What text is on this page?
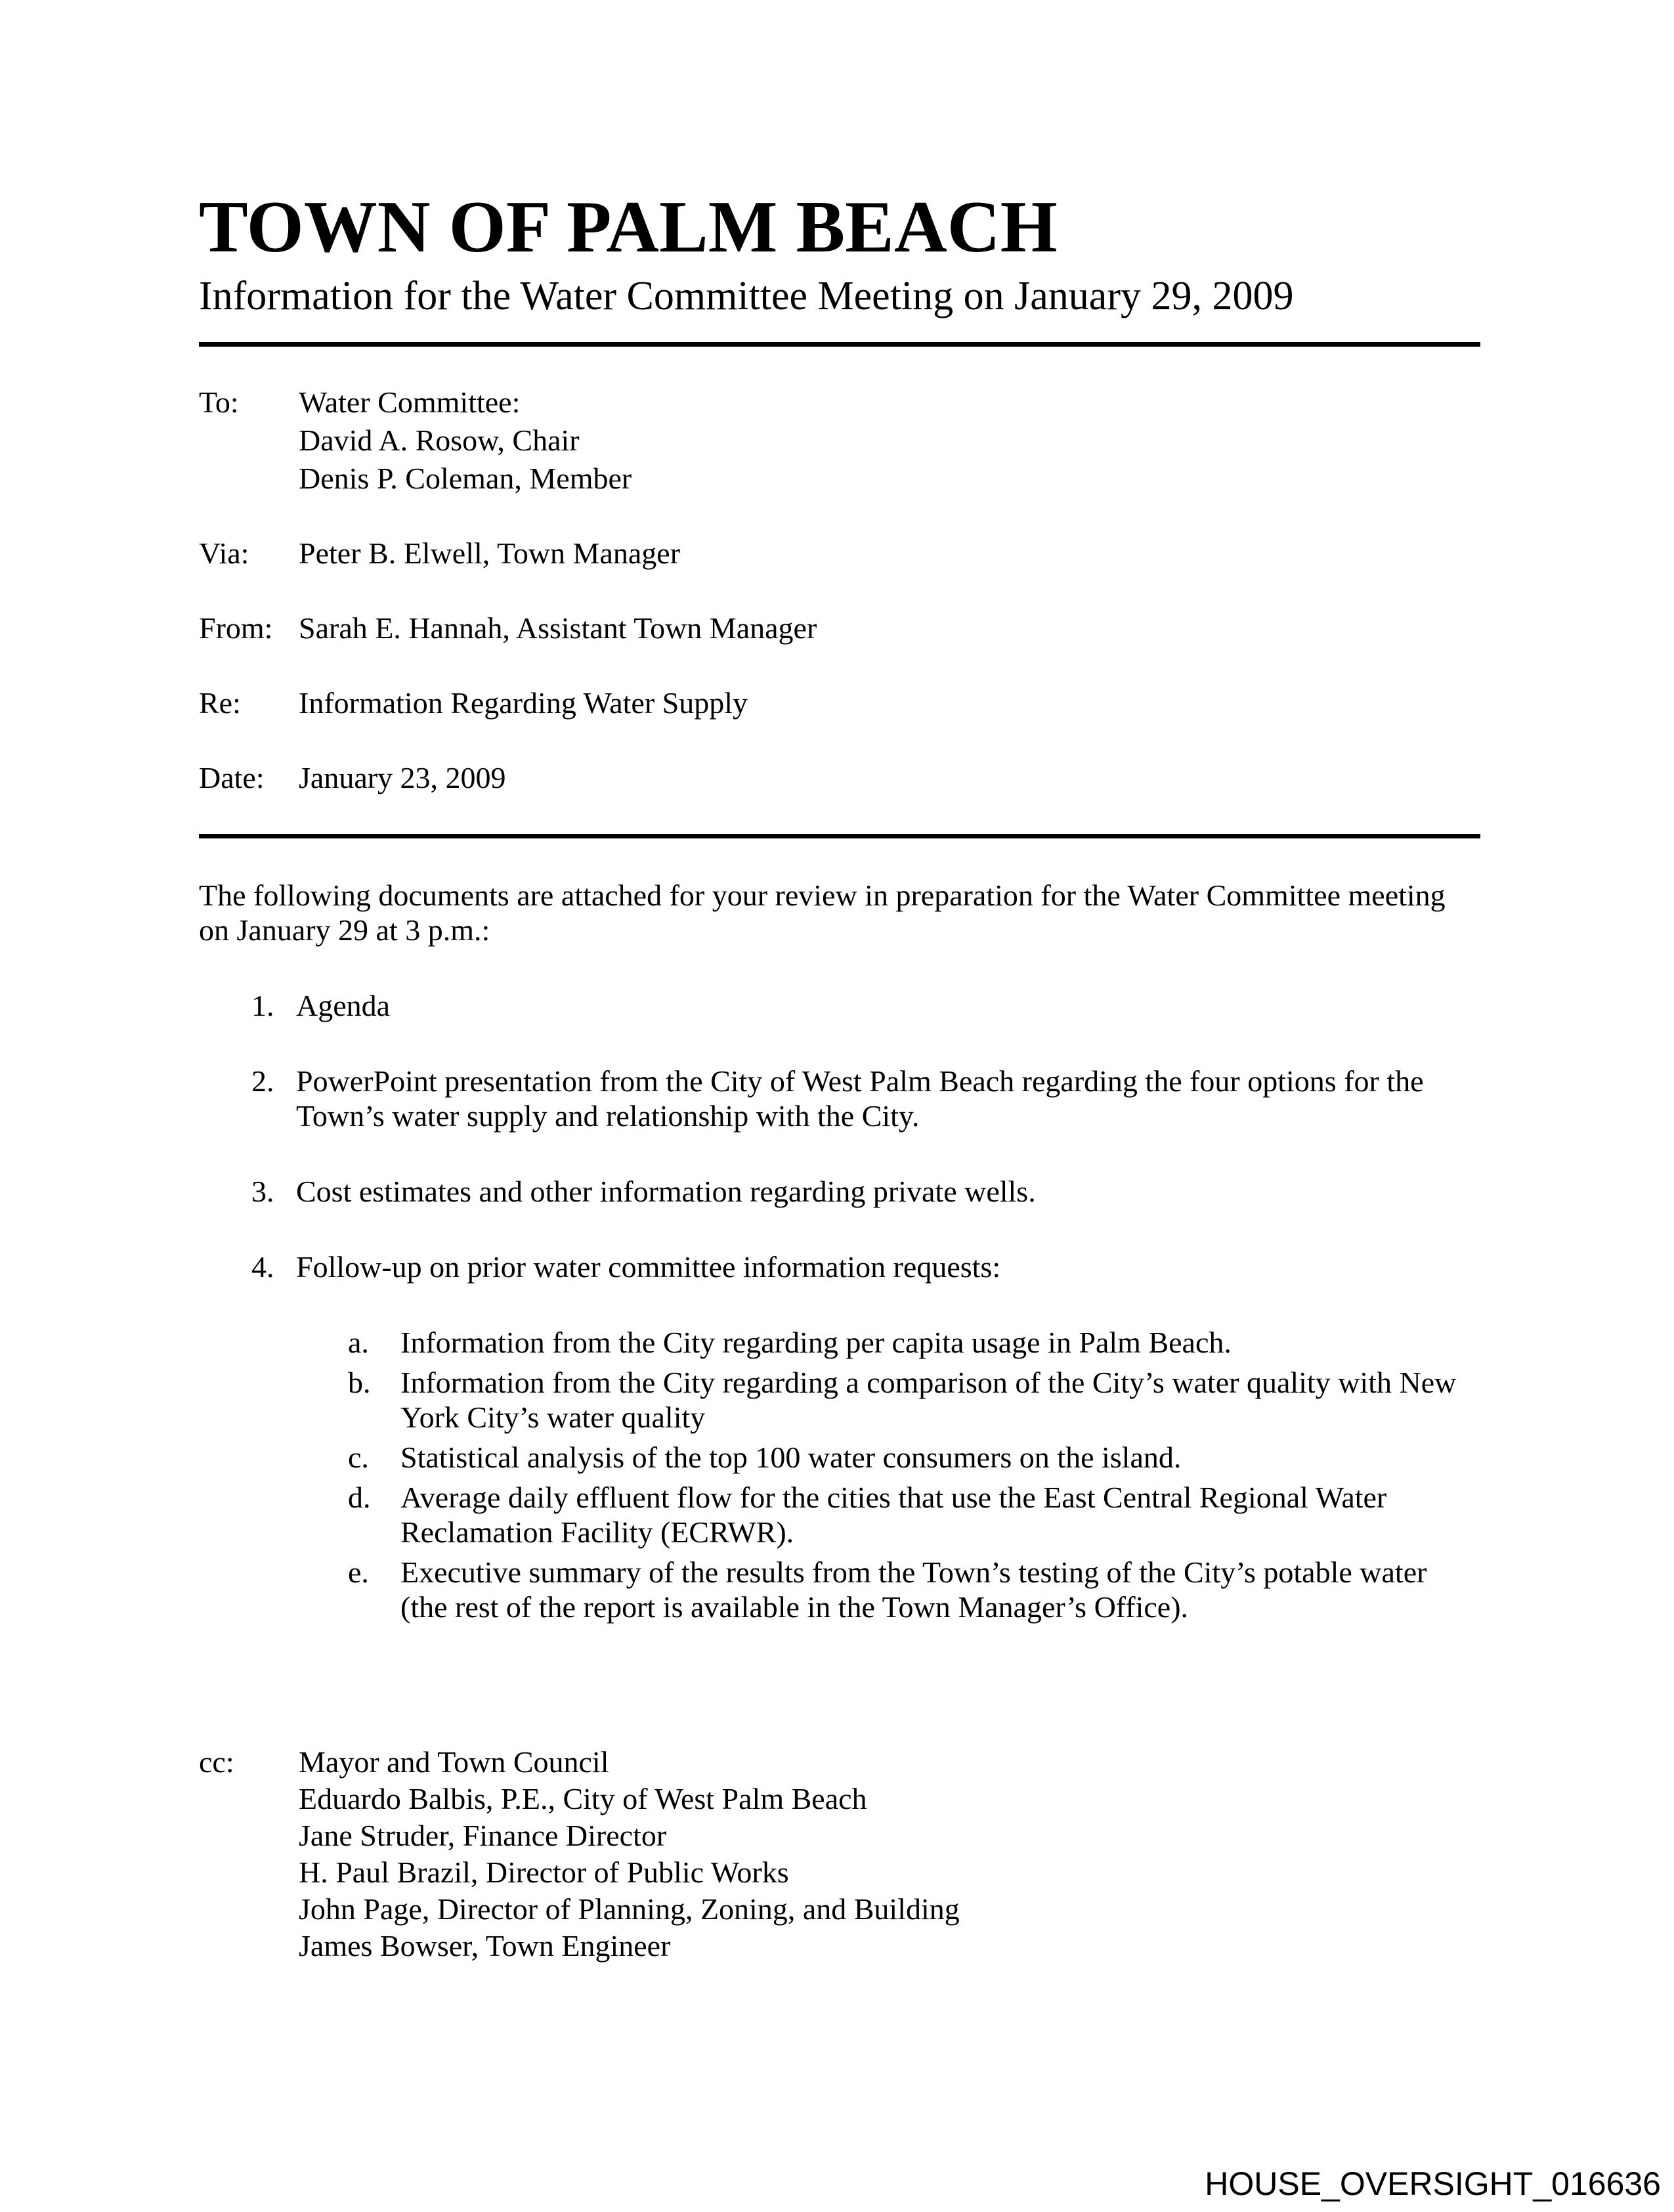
TOWN OF PALM BEACH
Information for the Water Committee Meeting on January 29, 2009
To:	Water Committee:
David A. Rosow, Chair
Denis P. Coleman, Member
Via:	Peter B. Elwell, Town Manager
From: Sarah E. Hannah, Assistant Town Manager
Re:	Information Regarding Water Supply
Date:	January 23, 2009

The following documents are attached for your review in preparation for the Water Committee meeting on January 29 at 3 p.m.:

1. Agenda
2. PowerPoint presentation from the City of West Palm Beach regarding the four options for the Town’s water supply and relationship with the City.
3. Cost estimates and other information regarding private wells.
4. Follow-up on prior water committee information requests:
a.	Information from the City regarding per capita usage in Palm Beach.
b. Information from the City regarding a comparison of the City’s water quality with New York City’s water quality
c.	Statistical analysis of the top 100 water consumers on the island.
d. Average daily effluent flow for the cities that use the East Central Regional Water Reclamation Facility (ECRWR).
e.	Executive summary of the results from the Town’s testing of the City’s potable water (the rest of the report is available in the Town Manager’s Office).
cc:	Mayor and Town Council
Eduardo Balbis, P.E., City of West Palm Beach
Jane Struder, Finance Director
H. Paul Brazil, Director of Public Works
John Page, Director of Planning, Zoning, and Building
James Bowser, Town Engineer
HOUSE_OVERSIGHT_016636
